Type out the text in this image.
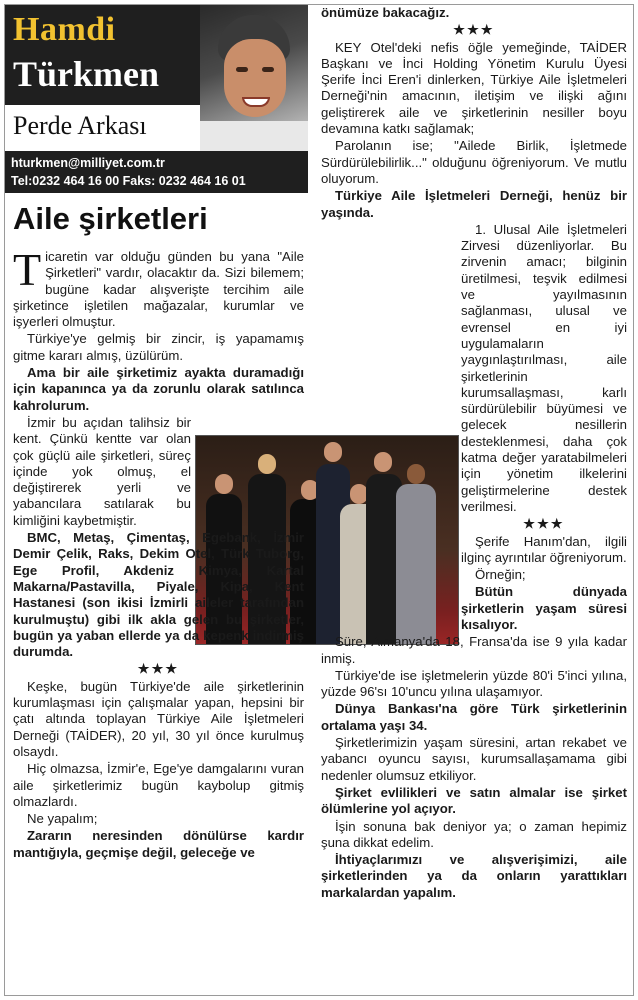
Hamdi
Türkmen
Perde Arkası
hturkmen@milliyet.com.tr
Tel:0232 464 16 00 Faks: 0232 464 16 01
Aile şirketleri

Ticaretin var olduğu günden bu yana "Aile Şirketleri" vardır, olacaktır da. Sizi bilemem; bugüne kadar alışverişte tercihim aile şirketince işletilen mağazalar, kurumlar ve işyerleri olmuştur.

Türkiye'ye gelmiş bir zincir, iş yapamamış gitme kararı almış, üzülürüm.

Ama bir aile şirketimiz ayakta duramadığı için kapanınca ya da zorunlu olarak satılınca kahrolurum.

İzmir bu açıdan talihsiz bir kent. Çünkü kentte var olan çok güçlü aile şirketleri, süreç içinde yok olmuş, el değiştirerek yerli ve yabancılara satılarak bu kimliğini kaybetmiştir.

BMC, Metaş, Çimentaş, Egebank, İzmir Demir Çelik, Raks, Dekim Otel, Türk Tuborg, Ege Profil, Akdeniz Kimya, Kartal Makarna/Pastavilla, Piyale, Kipa, Kent Hastanesi (son ikisi İzmirli aileler tarafından kurulmuştu) gibi ilk akla gelen bu şirketler, bugün ya yaban ellerde ya da kepenk indirmiş durumda.

★★★

Keşke, bugün Türkiye'de aile şirketlerinin kurumlaşması için çalışmalar yapan, hepsini bir çatı altında toplayan Türkiye Aile İşletmeleri Derneği (TAİDER), 20 yıl, 30 yıl önce kurulmuş olsaydı.

Hiç olmazsa, İzmir'e, Ege'ye damgalarını vuran aile şirketlerimiz bugün kaybolup gitmiş olmazlardı.

Ne yapalım;

Zararın neresinden dönülürse kardır mantığıyla, geçmişe değil, geleceğe ve

önümüze bakacağız.

★★★

KEY Otel'deki nefis öğle yemeğinde, TAİDER Başkanı ve İnci Holding Yönetim Kurulu Üyesi Şerife İnci Eren'i dinlerken, Türkiye Aile İşletmeleri Derneği'nin amacının, iletişim ve ilişki ağını geliştirerek aile ve şirketlerinin nesiller boyu devamına katkı sağlamak;

Parolanın ise; "Ailede Birlik, İşletmede Sürdürülebilirlik..." olduğunu öğreniyorum. Ve mutlu oluyorum.

Türkiye Aile İşletmeleri Derneği, henüz bir yaşında.

1. Ulusal Aile İşletmeleri Zirvesi düzenliyorlar. Bu zirvenin amacı; bilginin üretilmesi, teşvik edilmesi ve yayılmasının sağlanması, ulusal ve evrensel en iyi uygulamaların yaygınlaştırılması, aile şirketlerinin kurumsallaşması, karlı sürdürülebilir büyümesi ve gelecek nesillerin desteklenmesi, daha çok katma değer yaratabilmeleri için yönetim ilkelerini geliştirmelerine destek verilmesi.

★★★

Şerife Hanım'dan, ilgili ilginç ayrıntılar öğreniyorum.

Örneğin;

Bütün dünyada şirketlerin yaşam süresi kısalıyor.

Süre, Almanya'da 18, Fransa'da ise 9 yıla kadar inmiş.

Türkiye'de ise işletmelerin yüzde 80'i 5'inci yılına, yüzde 96'sı 10'uncu yılına ulaşamıyor.

Dünya Bankası'na göre Türk şirketlerinin ortalama yaşı 34.

Şirketlerimizin yaşam süresini, artan rekabet ve yabancı oyuncu sayısı, kurumsallaşamama gibi nedenler olumsuz etkiliyor.

Şirket evlilikleri ve satın almalar ise şirket ölümlerine yol açıyor.

İşin sonuna bak deniyor ya; o zaman hepimiz şuna dikkat edelim.

İhtiyaçlarımızı ve alışverişimizi, aile şirketlerinden ya da onların yarattıkları markalardan yapalım.
